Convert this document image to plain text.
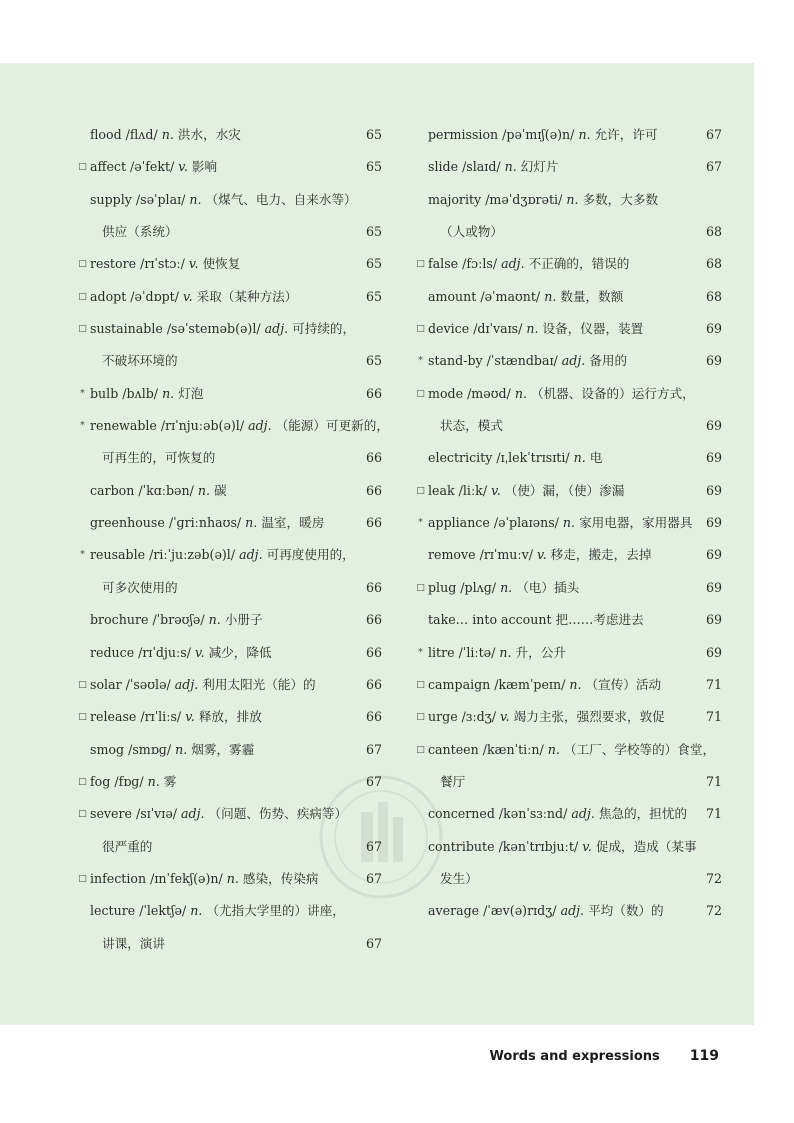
flood /flʌd/ n. 洪水，水灾	65
□ affect /əˈfekt/ v. 影响	65
supply /səˈplaɪ/ n. （煤气、电力、自来水等）
供应（系统）	65
□ restore /rɪˈstɔː/ v. 使恢复	65
□ adopt /əˈdɒpt/ v. 采取（某种方法）	65
□ sustainable /səˈsteɪnəb(ə)l/ adj. 可持续的，
不破坏环境的	65
* bulb /bʌlb/ n. 灯泡	66
* renewable /rɪˈnjuːəb(ə)l/ adj. （能源）可更新的，
可再生的，可恢复的	66
carbon /ˈkɑːbən/ n. 碳	66
greenhouse /ˈɡriːnhaʊs/ n. 温室，暖房	66
* reusable /riːˈjuːzəb(ə)l/ adj. 可再度使用的，
可多次使用的	66
brochure /ˈbrəʊʃə/ n. 小册子	66
reduce /rɪˈdjuːs/ v. 减少，降低	66
□ solar /ˈsəʊlə/ adj. 利用太阳光（能）的	66
□ release /rɪˈliːs/ v. 释放，排放	66
smog /smɒɡ/ n. 烟雾，雾霾	67
□ fog /fɒɡ/ n. 雾	67
□ severe /sɪˈvɪə/ adj. （问题、伤势、疾病等）
很严重的	67
□ infection /ɪnˈfekʃ(ə)n/ n. 感染，传染病	67
lecture /ˈlektʃə/ n. （尤指大学里的）讲座，
讲课，演讲	67
permission /pəˈmɪʃ(ə)n/ n. 允许，许可	67
slide /slaɪd/ n. 幻灯片	67
majority /məˈdʒɒrəti/ n. 多数，大多数
（人或物）	68
□ false /fɔːls/ adj. 不正确的，错误的	68
amount /əˈmaʊnt/ n. 数量，数额	68
□ device /dɪˈvaɪs/ n. 设备，仪器，装置	69
* stand-by /ˈstændbaɪ/ adj. 备用的	69
□ mode /məʊd/ n. （机器、设备的）运行方式，
状态，模式	69
electricity /ɪˌlekˈtrɪsɪti/ n. 电	69
□ leak /liːk/ v. （使）漏，（使）渗漏	69
* appliance /əˈplaɪəns/ n. 家用电器，家用器具 69
remove /rɪˈmuːv/ v. 移走，搬走，去掉	69
□ plug /plʌɡ/ n. （电）插头	69
take… into account 把……考虑进去	69
* litre /ˈliːtə/ n. 升，公升	69
□ campaign /kæmˈpeɪn/ n. （宣传）活动	71
□ urge /ɜːdʒ/ v. 竭力主张，强烈要求，敦促	71
□ canteen /kænˈtiːn/ n. （工厂、学校等的）食堂，
餐厅	71
concerned /kənˈsɜːnd/ adj. 焦急的，担忧的 71
contribute /kənˈtrɪbjuːt/ v. 促成，造成（某事
发生）	72
average /ˈæv(ə)rɪdʒ/ adj. 平均（数）的	72
Words and expressions 119
